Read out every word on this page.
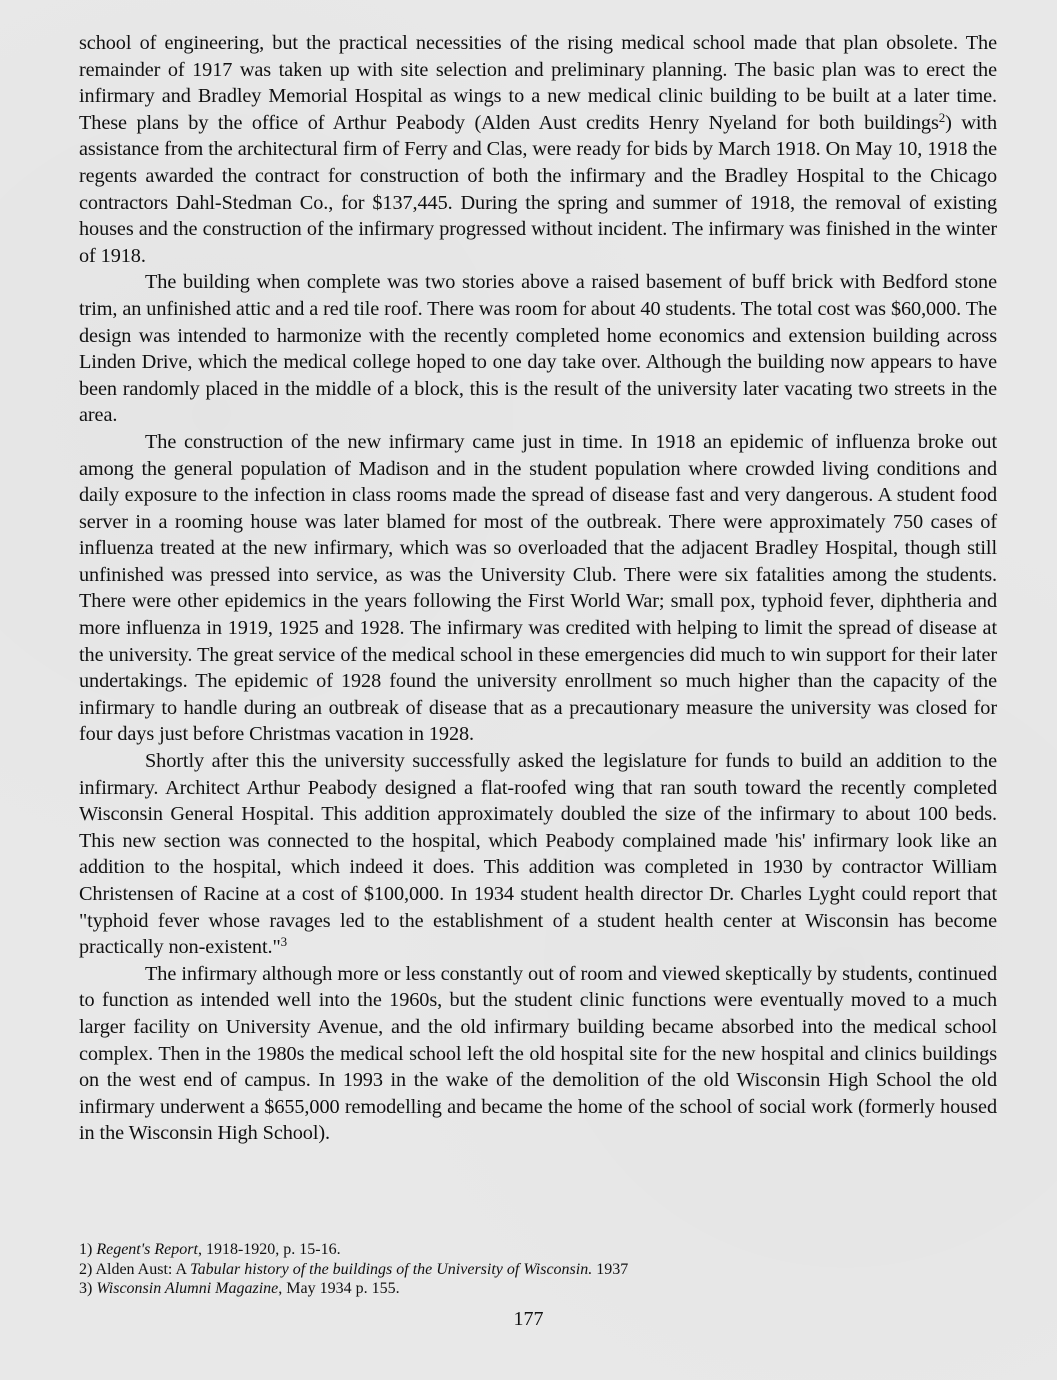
school of engineering, but the practical necessities of the rising medical school made that plan obsolete. The remainder of 1917 was taken up with site selection and preliminary planning. The basic plan was to erect the infirmary and Bradley Memorial Hospital as wings to a new medical clinic building to be built at a later time. These plans by the office of Arthur Peabody (Alden Aust credits Henry Nyeland for both buildings$^2$) with assistance from the architectural firm of Ferry and Clas, were ready for bids by March 1918. On May 10, 1918 the regents awarded the contract for construction of both the infirmary and the Bradley Hospital to the Chicago contractors Dahl-Stedman Co., for $137,445. During the spring and summer of 1918, the removal of existing houses and the construction of the infirmary progressed without incident. The infirmary was finished in the winter of 1918.

The building when complete was two stories above a raised basement of buff brick with Bedford stone trim, an unfinished attic and a red tile roof. There was room for about 40 students. The total cost was $60,000. The design was intended to harmonize with the recently completed home economics and extension building across Linden Drive, which the medical college hoped to one day take over. Although the building now appears to have been randomly placed in the middle of a block, this is the result of the university later vacating two streets in the area.

The construction of the new infirmary came just in time. In 1918 an epidemic of influenza broke out among the general population of Madison and in the student population where crowded living conditions and daily exposure to the infection in class rooms made the spread of disease fast and very dangerous. A student food server in a rooming house was later blamed for most of the outbreak. There were approximately 750 cases of influenza treated at the new infirmary, which was so overloaded that the adjacent Bradley Hospital, though still unfinished was pressed into service, as was the University Club. There were six fatalities among the students. There were other epidemics in the years following the First World War; small pox, typhoid fever, diphtheria and more influenza in 1919, 1925 and 1928. The infirmary was credited with helping to limit the spread of disease at the university. The great service of the medical school in these emergencies did much to win support for their later undertakings. The epidemic of 1928 found the university enrollment so much higher than the capacity of the infirmary to handle during an outbreak of disease that as a precautionary measure the university was closed for four days just before Christmas vacation in 1928.

Shortly after this the university successfully asked the legislature for funds to build an addition to the infirmary. Architect Arthur Peabody designed a flat-roofed wing that ran south toward the recently completed Wisconsin General Hospital. This addition approximately doubled the size of the infirmary to about 100 beds. This new section was connected to the hospital, which Peabody complained made 'his' infirmary look like an addition to the hospital, which indeed it does. This addition was completed in 1930 by contractor William Christensen of Racine at a cost of $100,000. In 1934 student health director Dr. Charles Lyght could report that "typhoid fever whose ravages led to the establishment of a student health center at Wisconsin has become practically non-existent."$^3$

The infirmary although more or less constantly out of room and viewed skeptically by students, continued to function as intended well into the 1960s, but the student clinic functions were eventually moved to a much larger facility on University Avenue, and the old infirmary building became absorbed into the medical school complex. Then in the 1980s the medical school left the old hospital site for the new hospital and clinics buildings on the west end of campus. In 1993 in the wake of the demolition of the old Wisconsin High School the old infirmary underwent a $655,000 remodelling and became the home of the school of social work (formerly housed in the Wisconsin High School).

1) Regent's Report, 1918-1920, p. 15-16.

2) Alden Aust: A Tabular history of the buildings of the University of Wisconsin. 1937

3) Wisconsin Alumni Magazine, May 1934 p. 155.

177
